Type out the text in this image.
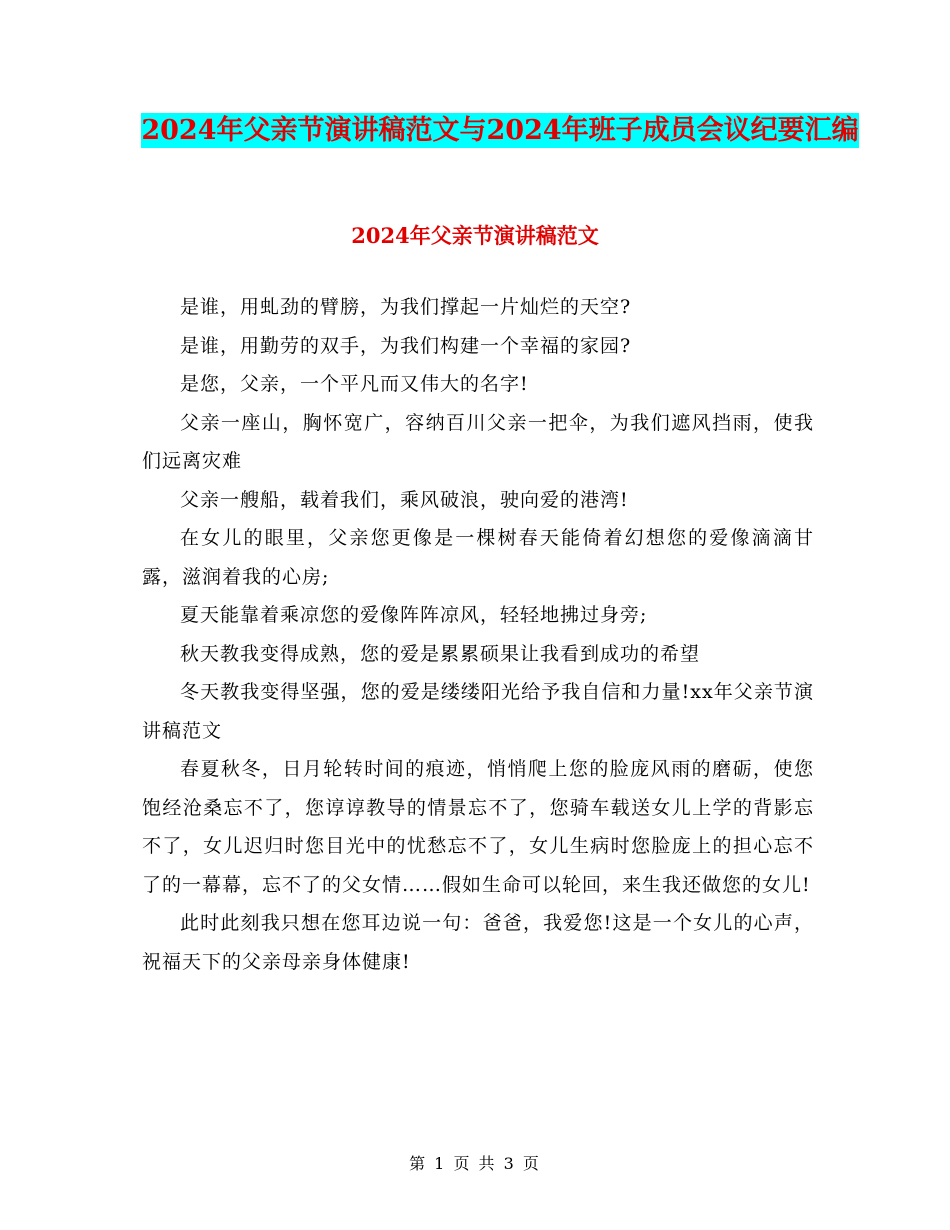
2024年父亲节演讲稿范文与2024年班子成员会议纪要汇编
2024年父亲节演讲稿范文

是谁，用虬劲的臂膀，为我们撑起一片灿烂的天空?

是谁，用勤劳的双手，为我们构建一个幸福的家园?

是您，父亲，一个平凡而又伟大的名字!

父亲一座山，胸怀宽广，容纳百川父亲一把伞，为我们遮风挡雨，使我们远离灾难

父亲一艘船，载着我们，乘风破浪，驶向爱的港湾!

在女儿的眼里，父亲您更像是一棵树春天能倚着幻想您的爱像滴滴甘露，滋润着我的心房;

夏天能靠着乘凉您的爱像阵阵凉风，轻轻地拂过身旁;

秋天教我变得成熟，您的爱是累累硕果让我看到成功的希望

冬天教我变得坚强，您的爱是缕缕阳光给予我自信和力量!xx年父亲节演讲稿范文

春夏秋冬，日月轮转时间的痕迹，悄悄爬上您的脸庞风雨的磨砺，使您饱经沧桑忘不了，您谆谆教导的情景忘不了，您骑车载送女儿上学的背影忘不了，女儿迟归时您目光中的忧愁忘不了，女儿生病时您脸庞上的担心忘不了的一幕幕，忘不了的父女情……假如生命可以轮回，来生我还做您的女儿!

此时此刻我只想在您耳边说一句：爸爸，我爱您!这是一个女儿的心声，祝福天下的父亲母亲身体健康!

第 1 页 共 3 页
